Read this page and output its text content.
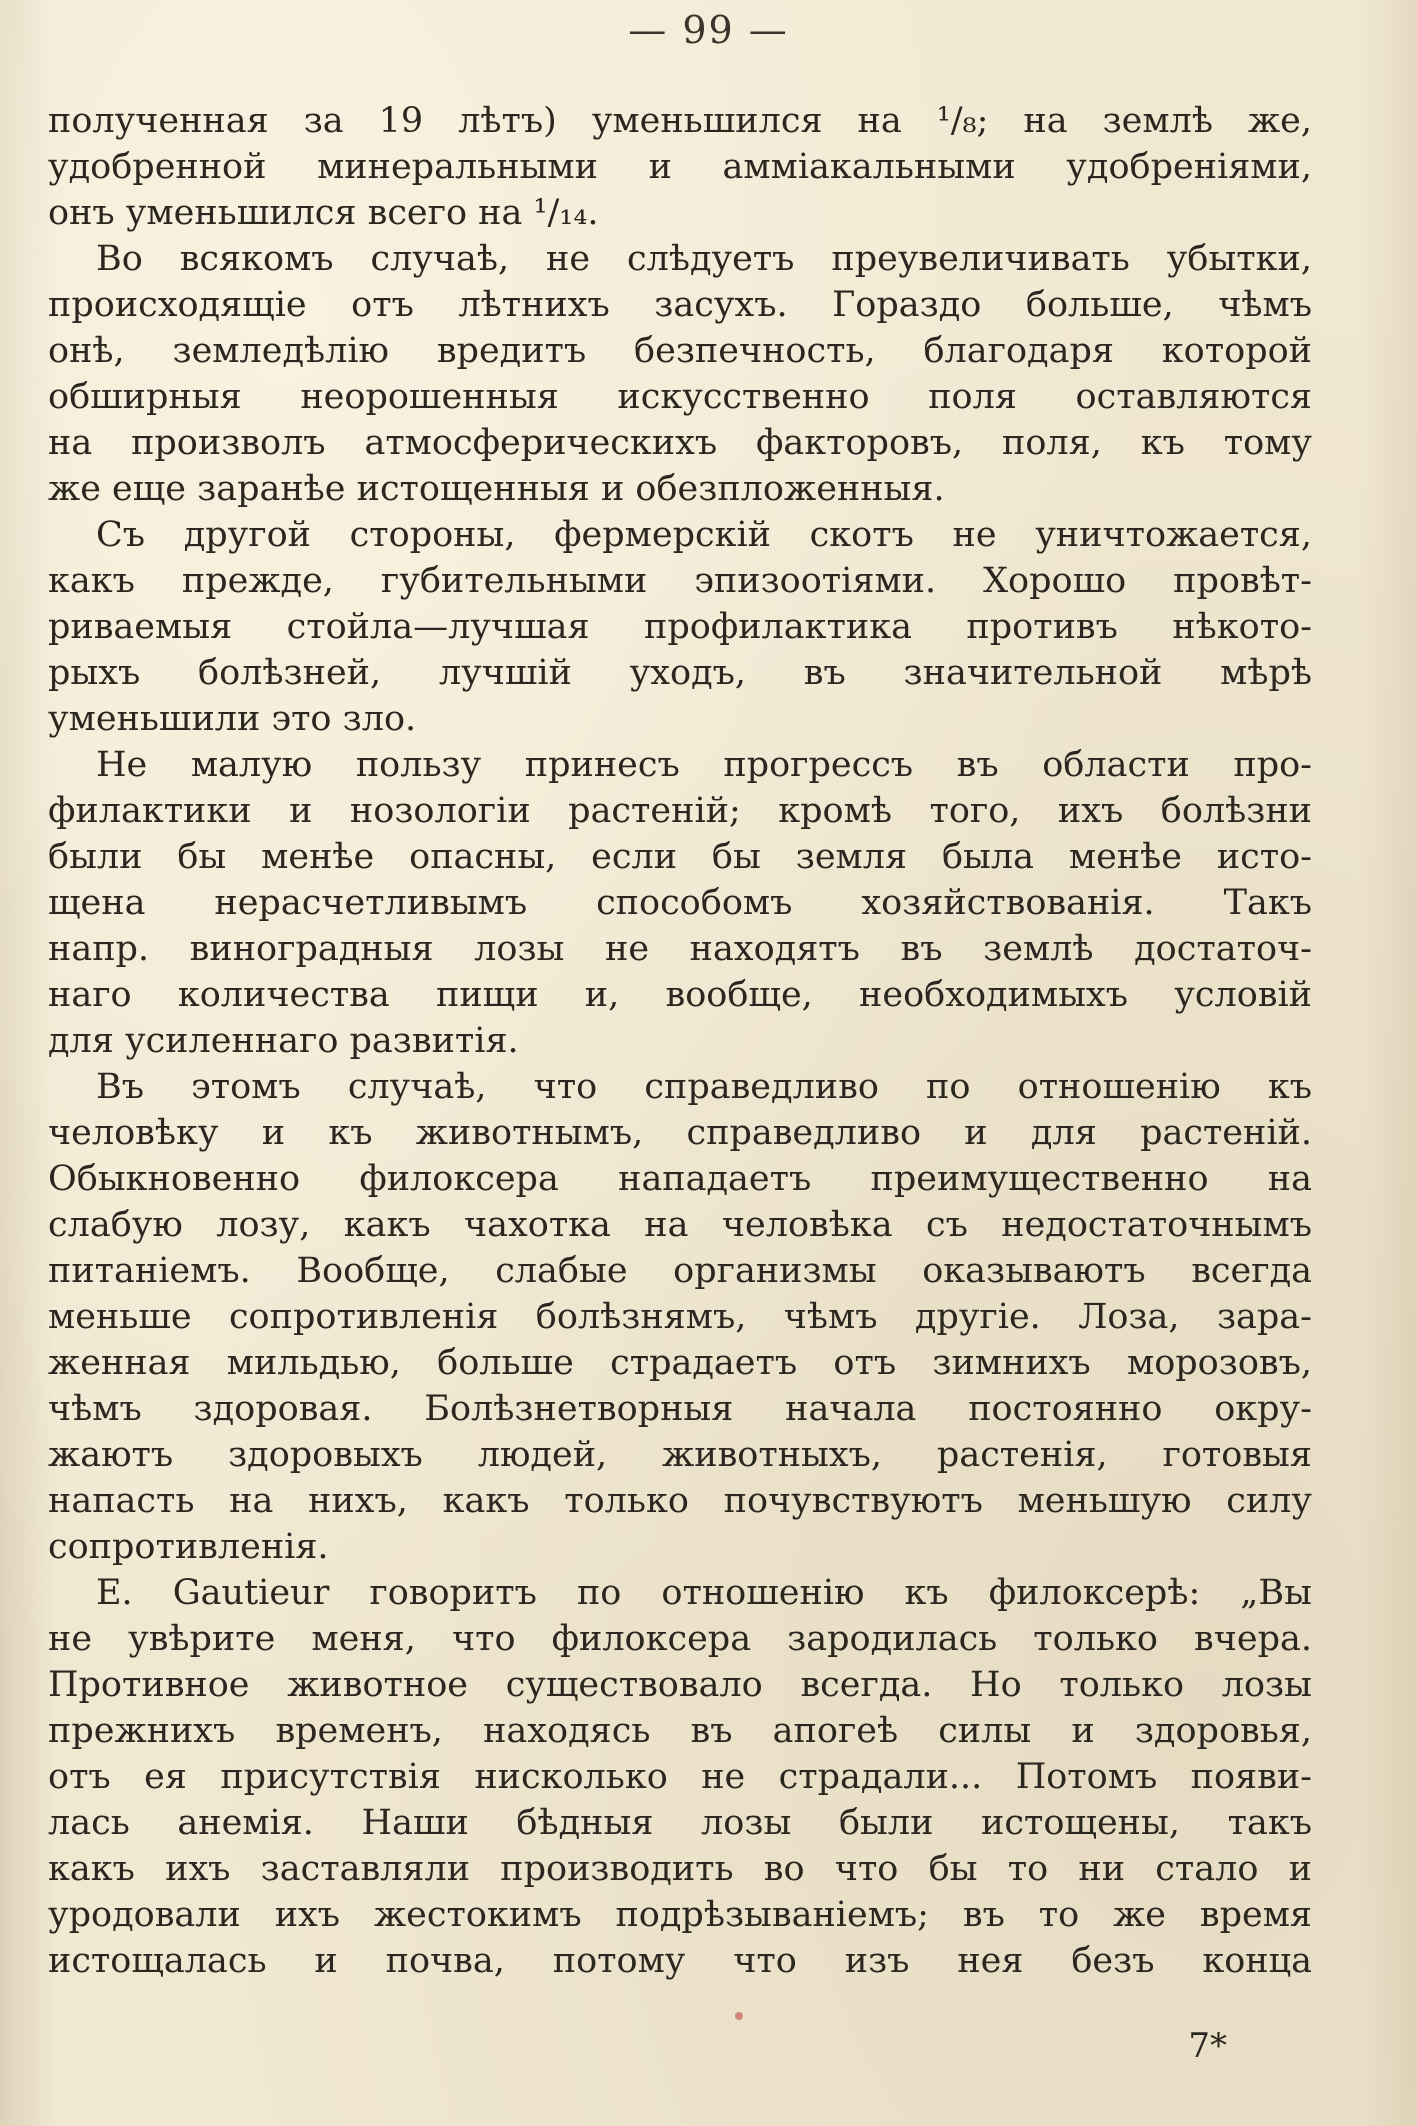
— 99 —
полученная за 19 лѣтъ) уменьшился на ¹/₈; на землѣ же,
удобренной минеральными и аммiакальными удобренiями,
онъ уменьшился всего на ¹/₁₄.
Во всякомъ случаѣ, не слѣдуетъ преувеличивать убытки,
происходящiе отъ лѣтнихъ засухъ. Гораздо больше, чѣмъ
онѣ, земледѣлiю вредитъ безпечность, благодаря которой
обширныя неорошенныя искусственно поля оставляются
на произволъ атмосферическихъ факторовъ, поля, къ тому
же еще заранѣе истощенныя и обезпложенныя.
Съ другой стороны, фермерскiй скотъ не уничтожается,
какъ прежде, губительными эпизоотiями. Хорошо провѣт-
риваемыя стойла—лучшая профилактика противъ нѣкото-
рыхъ болѣзней, лучшiй уходъ, въ значительной мѣрѣ
уменьшили это зло.
Не малую пользу принесъ прогрессъ въ области про-
филактики и нозологiи растенiй; кромѣ того, ихъ болѣзни
были бы менѣе опасны, если бы земля была менѣе исто-
щена нерасчетливымъ способомъ хозяйствованiя. Такъ
напр. виноградныя лозы не находятъ въ землѣ достаточ-
наго количества пищи и, вообще, необходимыхъ условiй
для усиленнаго развитiя.
Въ этомъ случаѣ, что справедливо по отношенiю къ
человѣку и къ животнымъ, справедливо и для растенiй.
Обыкновенно филоксера нападаетъ преимущественно на
слабую лозу, какъ чахотка на человѣка съ недостаточнымъ
питанiемъ. Вообще, слабые организмы оказываютъ всегда
меньше сопротивленiя болѣзнямъ, чѣмъ другiе. Лоза, зара-
женная мильдью, больше страдаетъ отъ зимнихъ морозовъ,
чѣмъ здоровая. Болѣзнетворныя начала постоянно окру-
жаютъ здоровыхъ людей, животныхъ, растенiя, готовыя
напасть на нихъ, какъ только почувствуютъ меньшую силу
сопротивленiя.
E. Gautieur говоритъ по отношенiю къ филоксерѣ: „Вы
не увѣрите меня, что филоксера зародилась только вчера.
Противное животное существовало всегда. Но только лозы
прежнихъ временъ, находясь въ апогеѣ силы и здоровья,
отъ ея присутствiя нисколько не страдали... Потомъ появи-
лась анемiя. Наши бѣдныя лозы были истощены, такъ
какъ ихъ заставляли производить во что бы то ни стало и
уродовали ихъ жестокимъ подрѣзыванiемъ; въ то же время
истощалась и почва, потому что изъ нея безъ конца
7*
